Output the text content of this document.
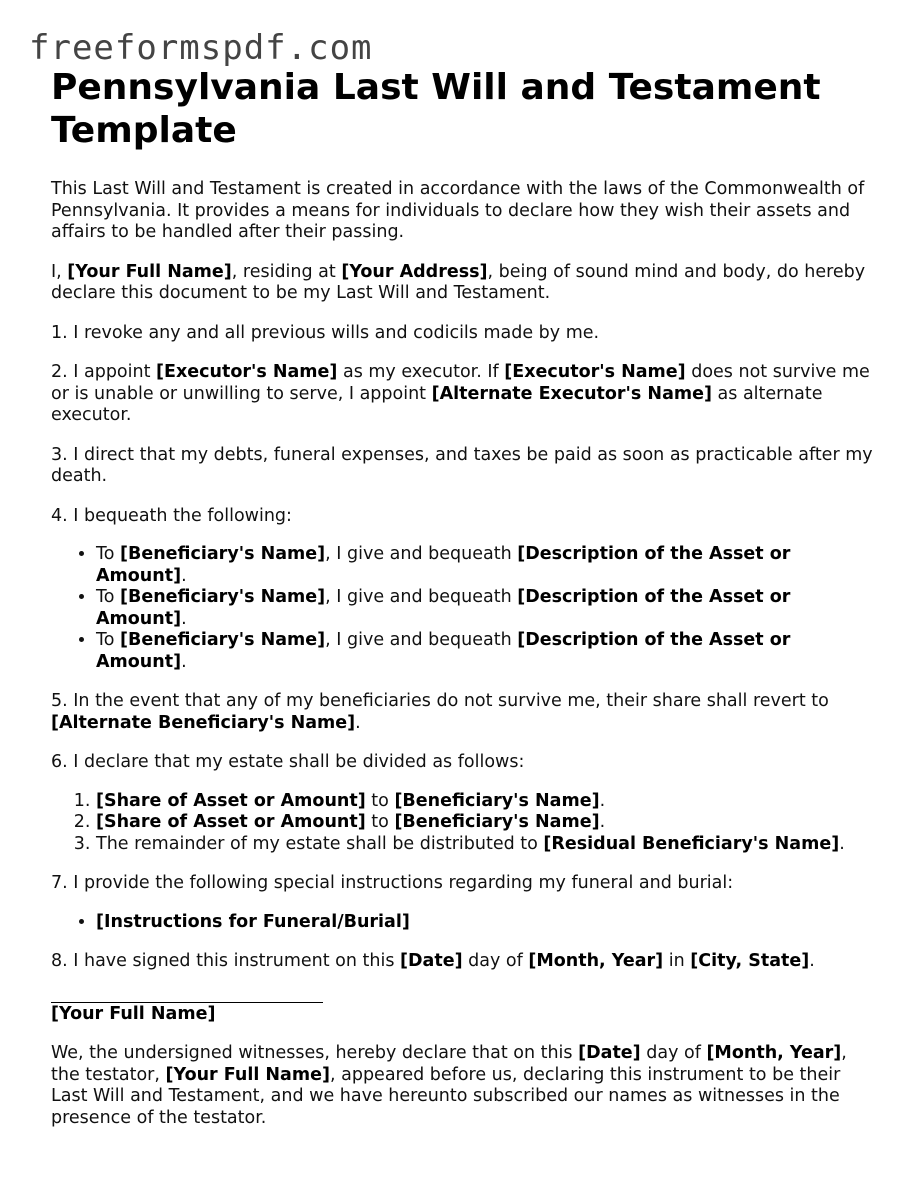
freeformspdf.com
Pennsylvania Last Will and Testament Template

This Last Will and Testament is created in accordance with the laws of the Commonwealth of Pennsylvania. It provides a means for individuals to declare how they wish their assets and affairs to be handled after their passing.

I, [Your Full Name], residing at [Your Address], being of sound mind and body, do hereby declare this document to be my Last Will and Testament.

1. I revoke any and all previous wills and codicils made by me.

2. I appoint [Executor's Name] as my executor. If [Executor's Name] does not survive me or is unable or unwilling to serve, I appoint [Alternate Executor's Name] as alternate executor.

3. I direct that my debts, funeral expenses, and taxes be paid as soon as practicable after my death.

4. I bequeath the following:

• To [Beneficiary's Name], I give and bequeath [Description of the Asset or Amount].
• To [Beneficiary's Name], I give and bequeath [Description of the Asset or Amount].
• To [Beneficiary's Name], I give and bequeath [Description of the Asset or Amount].

5. In the event that any of my beneficiaries do not survive me, their share shall revert to [Alternate Beneficiary's Name].

6. I declare that my estate shall be divided as follows:

1. [Share of Asset or Amount] to [Beneficiary's Name].
2. [Share of Asset or Amount] to [Beneficiary's Name].
3. The remainder of my estate shall be distributed to [Residual Beneficiary's Name].

7. I provide the following special instructions regarding my funeral and burial:

• [Instructions for Funeral/Burial]

8. I have signed this instrument on this [Date] day of [Month, Year] in [City, State].

[Your Full Name]

We, the undersigned witnesses, hereby declare that on this [Date] day of [Month, Year], the testator, [Your Full Name], appeared before us, declaring this instrument to be their Last Will and Testament, and we have hereunto subscribed our names as witnesses in the presence of the testator.
